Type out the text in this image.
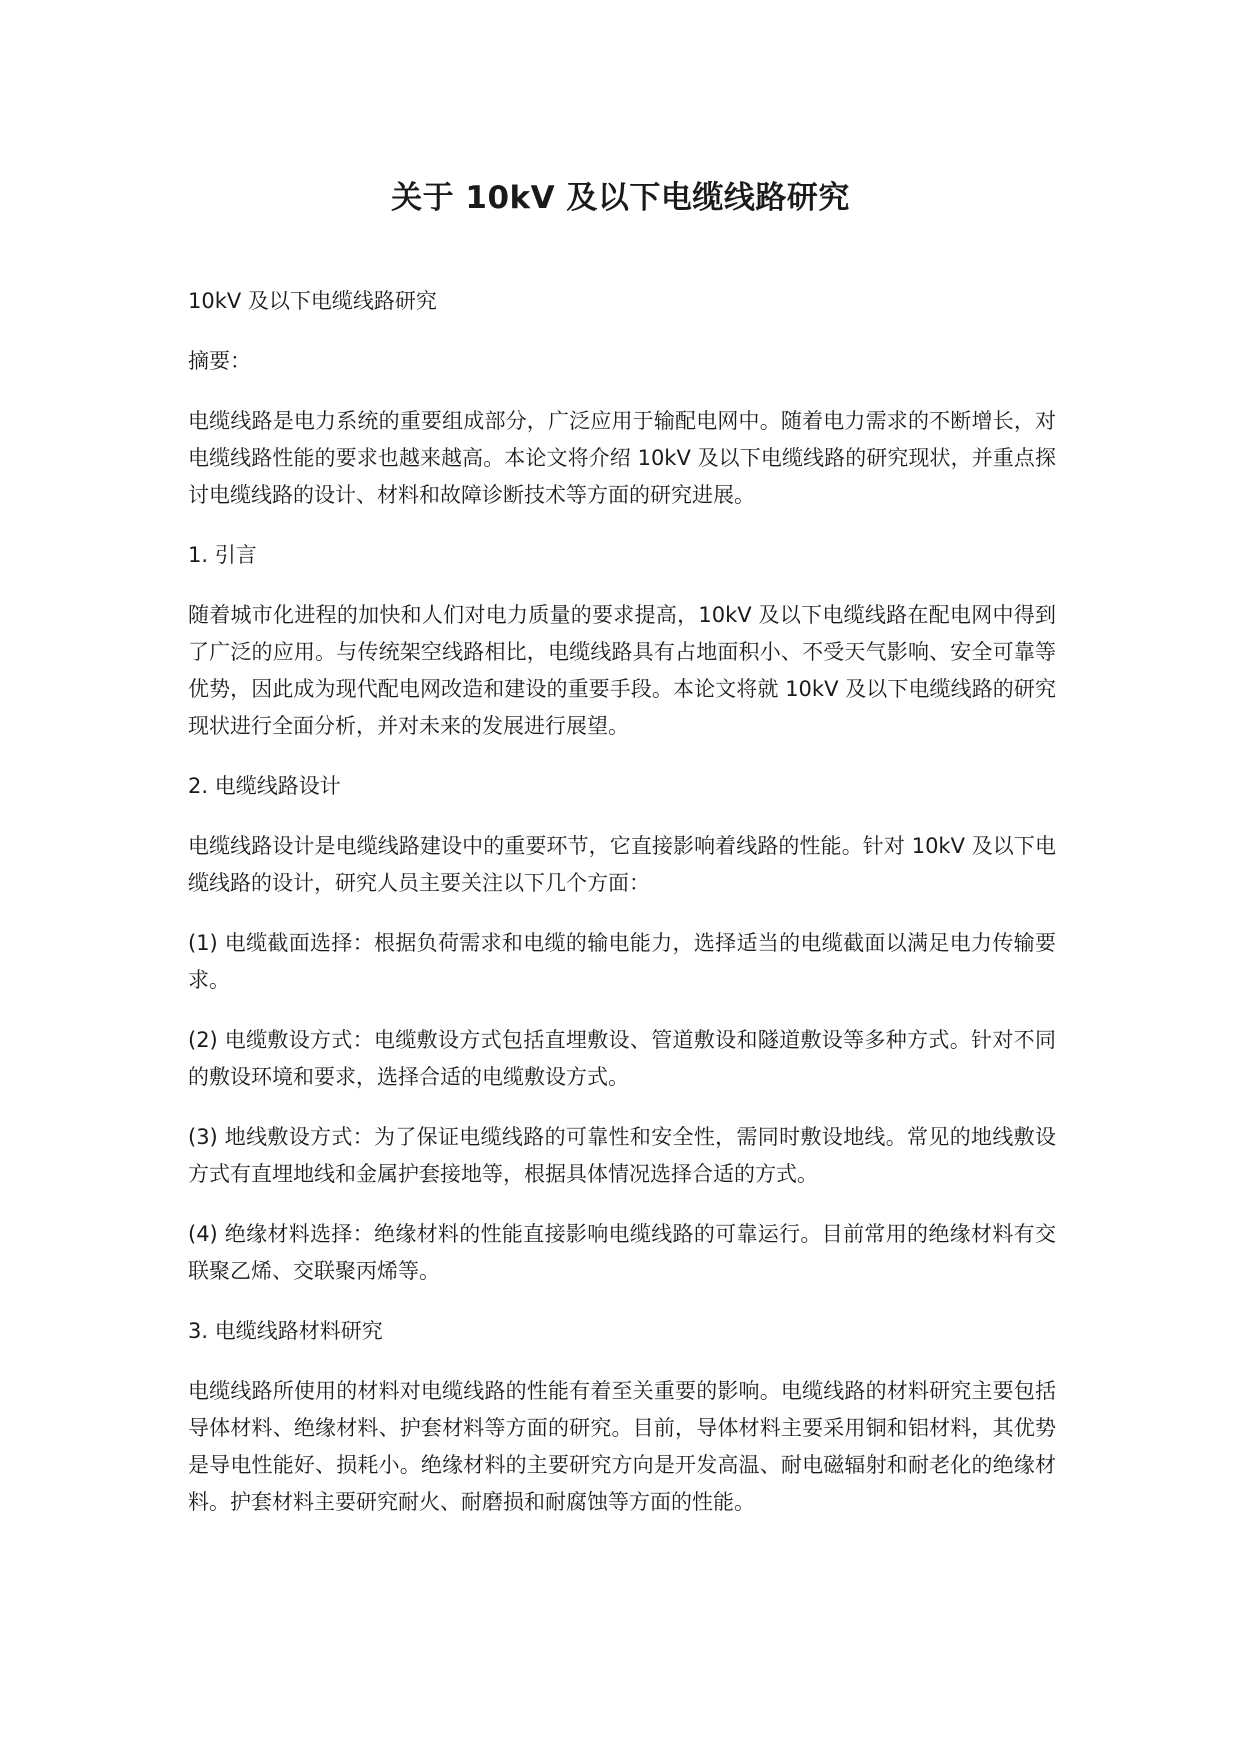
关于 10kV 及以下电缆线路研究

10kV 及以下电缆线路研究

摘要：

电缆线路是电力系统的重要组成部分，广泛应用于输配电网中。随着电力需求的不断增长，对电缆线路性能的要求也越来越高。本论文将介绍 10kV 及以下电缆线路的研究现状，并重点探讨电缆线路的设计、材料和故障诊断技术等方面的研究进展。

1. 引言

随着城市化进程的加快和人们对电力质量的要求提高，10kV 及以下电缆线路在配电网中得到了广泛的应用。与传统架空线路相比，电缆线路具有占地面积小、不受天气影响、安全可靠等优势，因此成为现代配电网改造和建设的重要手段。本论文将就 10kV 及以下电缆线路的研究现状进行全面分析，并对未来的发展进行展望。

2. 电缆线路设计

电缆线路设计是电缆线路建设中的重要环节，它直接影响着线路的性能。针对 10kV 及以下电缆线路的设计，研究人员主要关注以下几个方面：

(1) 电缆截面选择：根据负荷需求和电缆的输电能力，选择适当的电缆截面以满足电力传输要求。

(2) 电缆敷设方式：电缆敷设方式包括直埋敷设、管道敷设和隧道敷设等多种方式。针对不同的敷设环境和要求，选择合适的电缆敷设方式。

(3) 地线敷设方式：为了保证电缆线路的可靠性和安全性，需同时敷设地线。常见的地线敷设方式有直埋地线和金属护套接地等，根据具体情况选择合适的方式。

(4) 绝缘材料选择：绝缘材料的性能直接影响电缆线路的可靠运行。目前常用的绝缘材料有交联聚乙烯、交联聚丙烯等。

3. 电缆线路材料研究

电缆线路所使用的材料对电缆线路的性能有着至关重要的影响。电缆线路的材料研究主要包括导体材料、绝缘材料、护套材料等方面的研究。目前，导体材料主要采用铜和铝材料，其优势是导电性能好、损耗小。绝缘材料的主要研究方向是开发高温、耐电磁辐射和耐老化的绝缘材料。护套材料主要研究耐火、耐磨损和耐腐蚀等方面的性能。
